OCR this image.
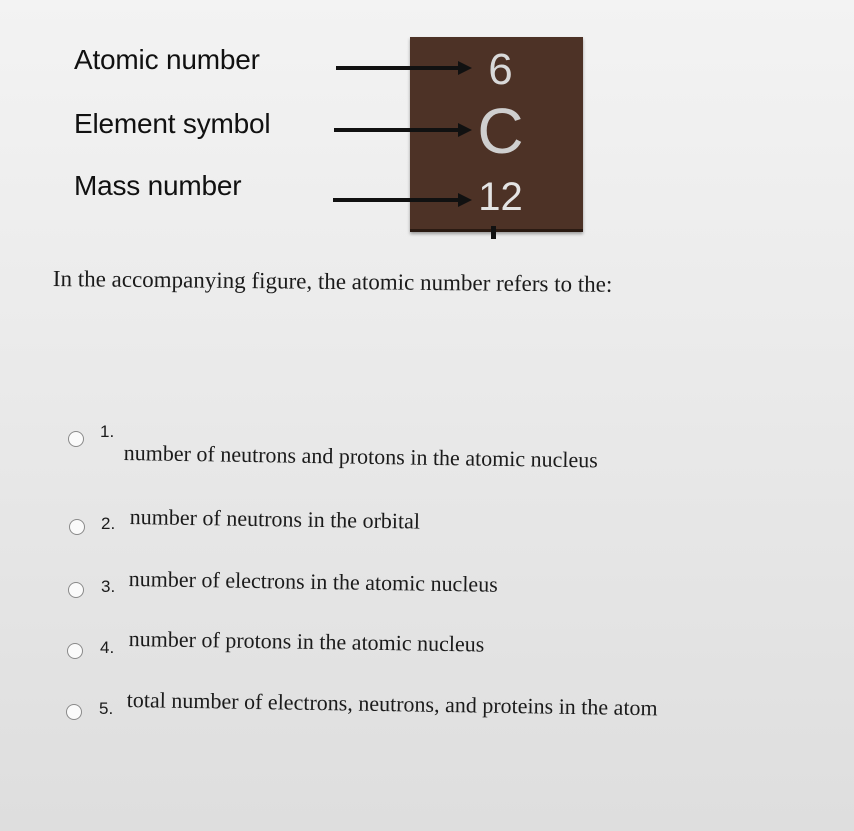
Atomic number
Element symbol
Mass number
6
C
12
In the accompanying figure, the atomic number refers to the:
1.
number of neutrons and protons in the atomic nucleus
2. number of neutrons in the orbital
3. number of electrons in the atomic nucleus
4. number of protons in the atomic nucleus
5. total number of electrons, neutrons, and proteins in the atom
